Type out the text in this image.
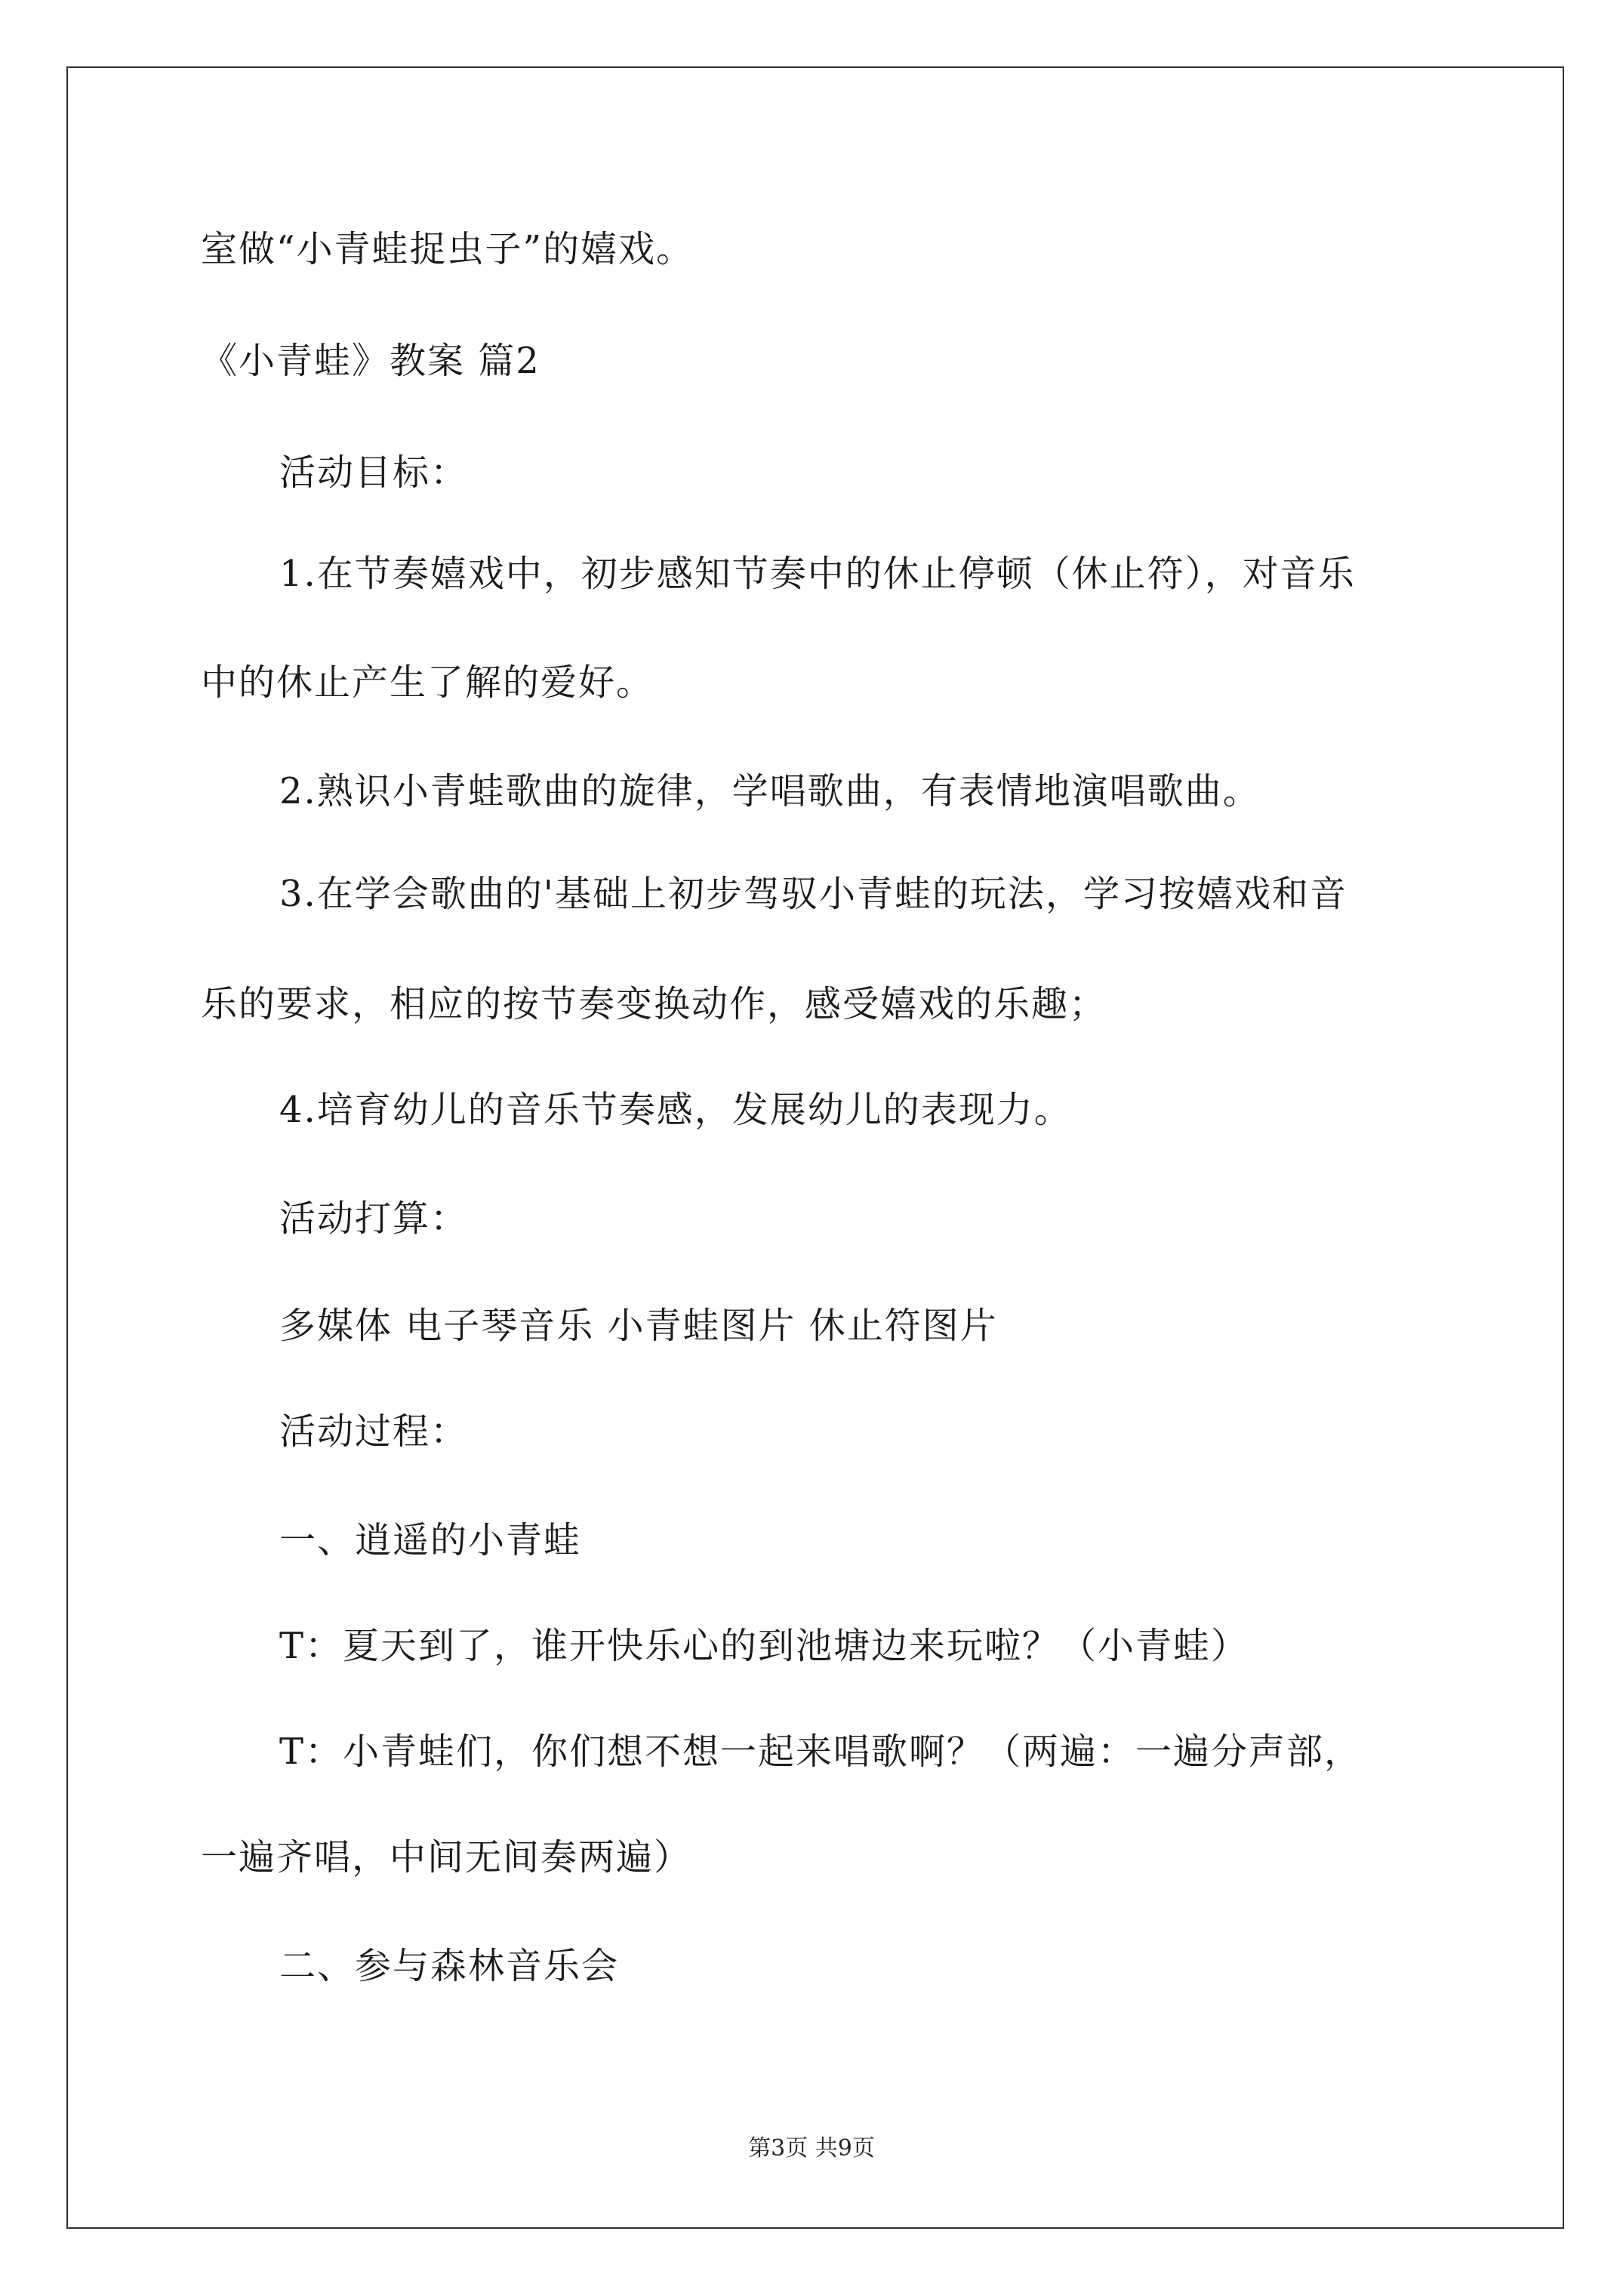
室做“小青蛙捉虫子”的嬉戏。
《小青蛙》教案 篇2
活动目标：
1.在节奏嬉戏中，初步感知节奏中的休止停顿（休止符），对音乐
中的休止产生了解的爱好。
2.熟识小青蛙歌曲的旋律，学唱歌曲，有表情地演唱歌曲。
3.在学会歌曲的'基础上初步驾驭小青蛙的玩法，学习按嬉戏和音
乐的要求，相应的按节奏变换动作，感受嬉戏的乐趣；
4.培育幼儿的音乐节奏感，发展幼儿的表现力。
活动打算：
多媒体 电子琴音乐 小青蛙图片 休止符图片
活动过程：
一、逍遥的小青蛙
T：夏天到了，谁开快乐心的到池塘边来玩啦？（小青蛙）
T：小青蛙们，你们想不想一起来唱歌啊？（两遍：一遍分声部，
一遍齐唱，中间无间奏两遍）
二、参与森林音乐会
第3页 共9页
